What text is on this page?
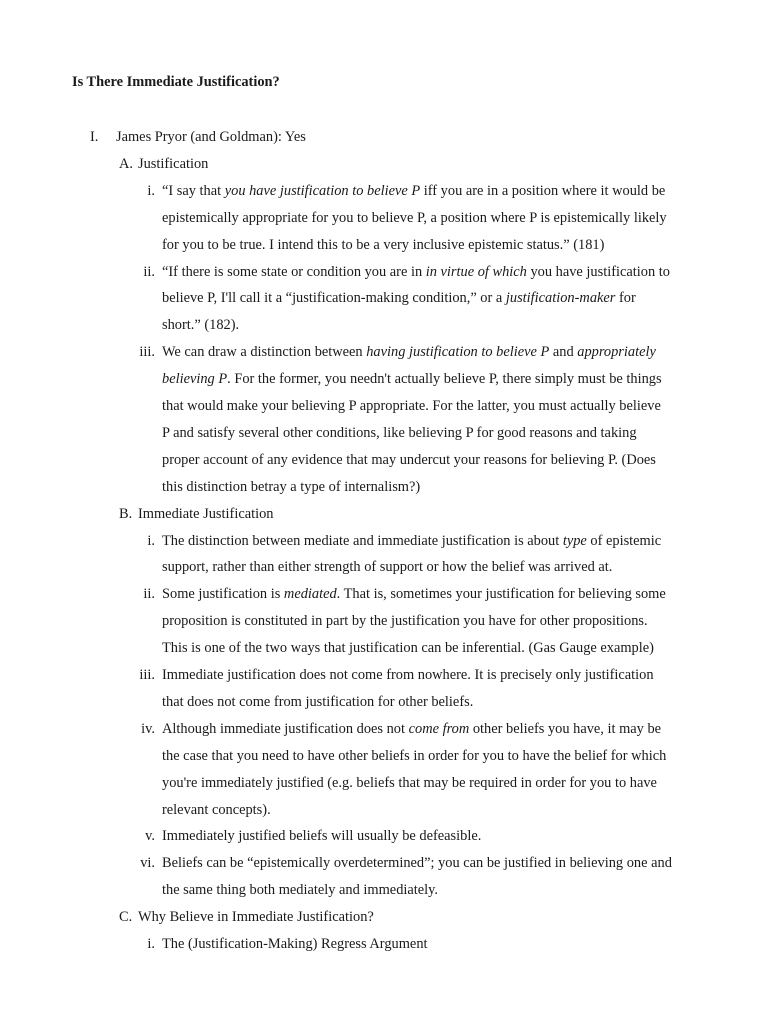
Is There Immediate Justification?
I. James Pryor (and Goldman): Yes
A. Justification
i. “I say that you have justification to believe P iff you are in a position where it would be
epistemically appropriate for you to believe P, a position where P is epistemically likely
for you to be true. I intend this to be a very inclusive epistemic status.” (181)
ii. “If there is some state or condition you are in in virtue of which you have justification to
believe P, I'll call it a “justification-making condition,” or a justification-maker for
short.” (182).
iii. We can draw a distinction between having justification to believe P and appropriately
believing P. For the former, you needn't actually believe P, there simply must be things
that would make your believing P appropriate. For the latter, you must actually believe
P and satisfy several other conditions, like believing P for good reasons and taking
proper account of any evidence that may undercut your reasons for believing P. (Does
this distinction betray a type of internalism?)
B. Immediate Justification
i. The distinction between mediate and immediate justification is about type of epistemic
support, rather than either strength of support or how the belief was arrived at.
ii. Some justification is mediated. That is, sometimes your justification for believing some
proposition is constituted in part by the justification you have for other propositions.
This is one of the two ways that justification can be inferential. (Gas Gauge example)
iii. Immediate justification does not come from nowhere. It is precisely only justification
that does not come from justification for other beliefs.
iv. Although immediate justification does not come from other beliefs you have, it may be
the case that you need to have other beliefs in order for you to have the belief for which
you're immediately justified (e.g. beliefs that may be required in order for you to have
relevant concepts).
v. Immediately justified beliefs will usually be defeasible.
vi. Beliefs can be “epistemically overdetermined”; you can be justified in believing one and
the same thing both mediately and immediately.
C. Why Believe in Immediate Justification?
i. The (Justification-Making) Regress Argument
